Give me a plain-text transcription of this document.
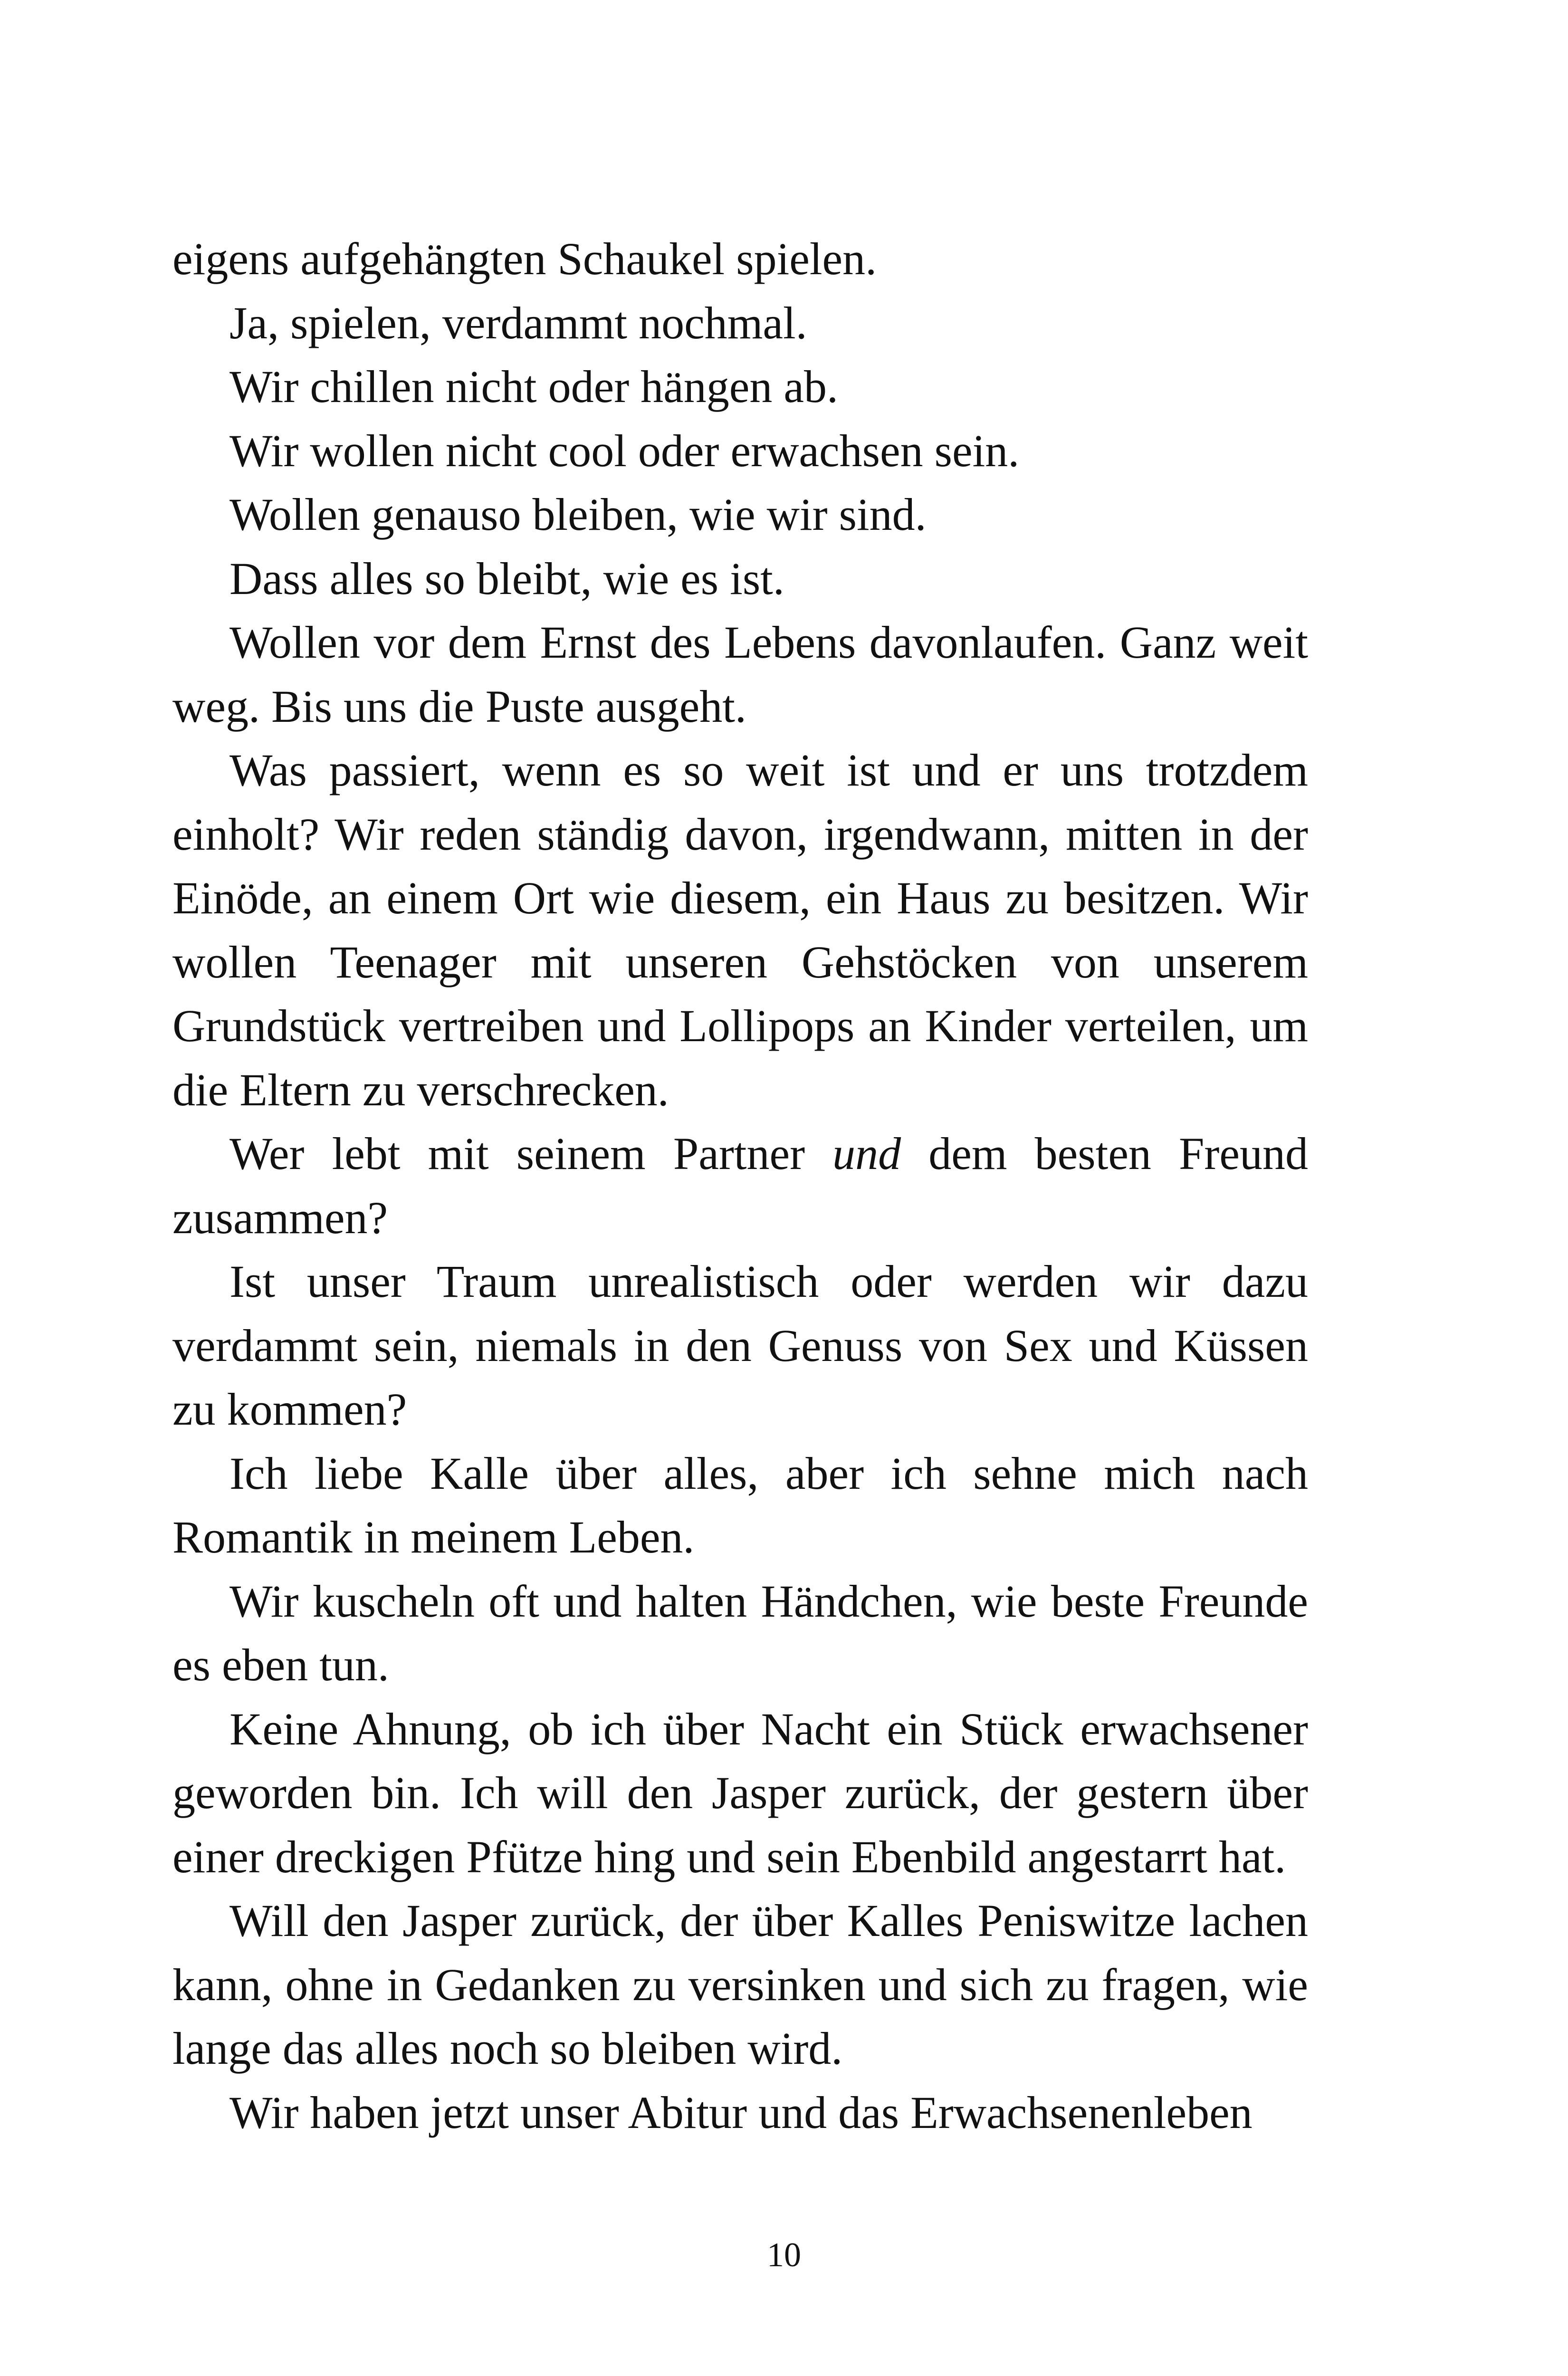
eigens aufgehängten Schaukel spielen.

Ja, spielen, verdammt nochmal.

Wir chillen nicht oder hängen ab.

Wir wollen nicht cool oder erwachsen sein.

Wollen genauso bleiben, wie wir sind.

Dass alles so bleibt, wie es ist.

Wollen vor dem Ernst des Lebens davonlaufen. Ganz weit weg. Bis uns die Puste ausgeht.

Was passiert, wenn es so weit ist und er uns trotzdem einholt? Wir reden ständig davon, irgendwann, mitten in der Einöde, an einem Ort wie diesem, ein Haus zu besitzen. Wir wollen Teenager mit unseren Gehstöcken von unserem Grundstück vertreiben und Lollipops an Kinder verteilen, um die Eltern zu verschrecken.

Wer lebt mit seinem Partner und dem besten Freund zusammen?

Ist unser Traum unrealistisch oder werden wir dazu verdammt sein, niemals in den Genuss von Sex und Küssen zu kommen?

Ich liebe Kalle über alles, aber ich sehne mich nach Romantik in meinem Leben.

Wir kuscheln oft und halten Händchen, wie beste Freunde es eben tun.

Keine Ahnung, ob ich über Nacht ein Stück erwachsener geworden bin. Ich will den Jasper zurück, der gestern über einer dreckigen Pfütze hing und sein Ebenbild angestarrt hat.

Will den Jasper zurück, der über Kalles Peniswitze lachen kann, ohne in Gedanken zu versinken und sich zu fragen, wie lange das alles noch so bleiben wird.

Wir haben jetzt unser Abitur und das Erwachsenenleben

10
